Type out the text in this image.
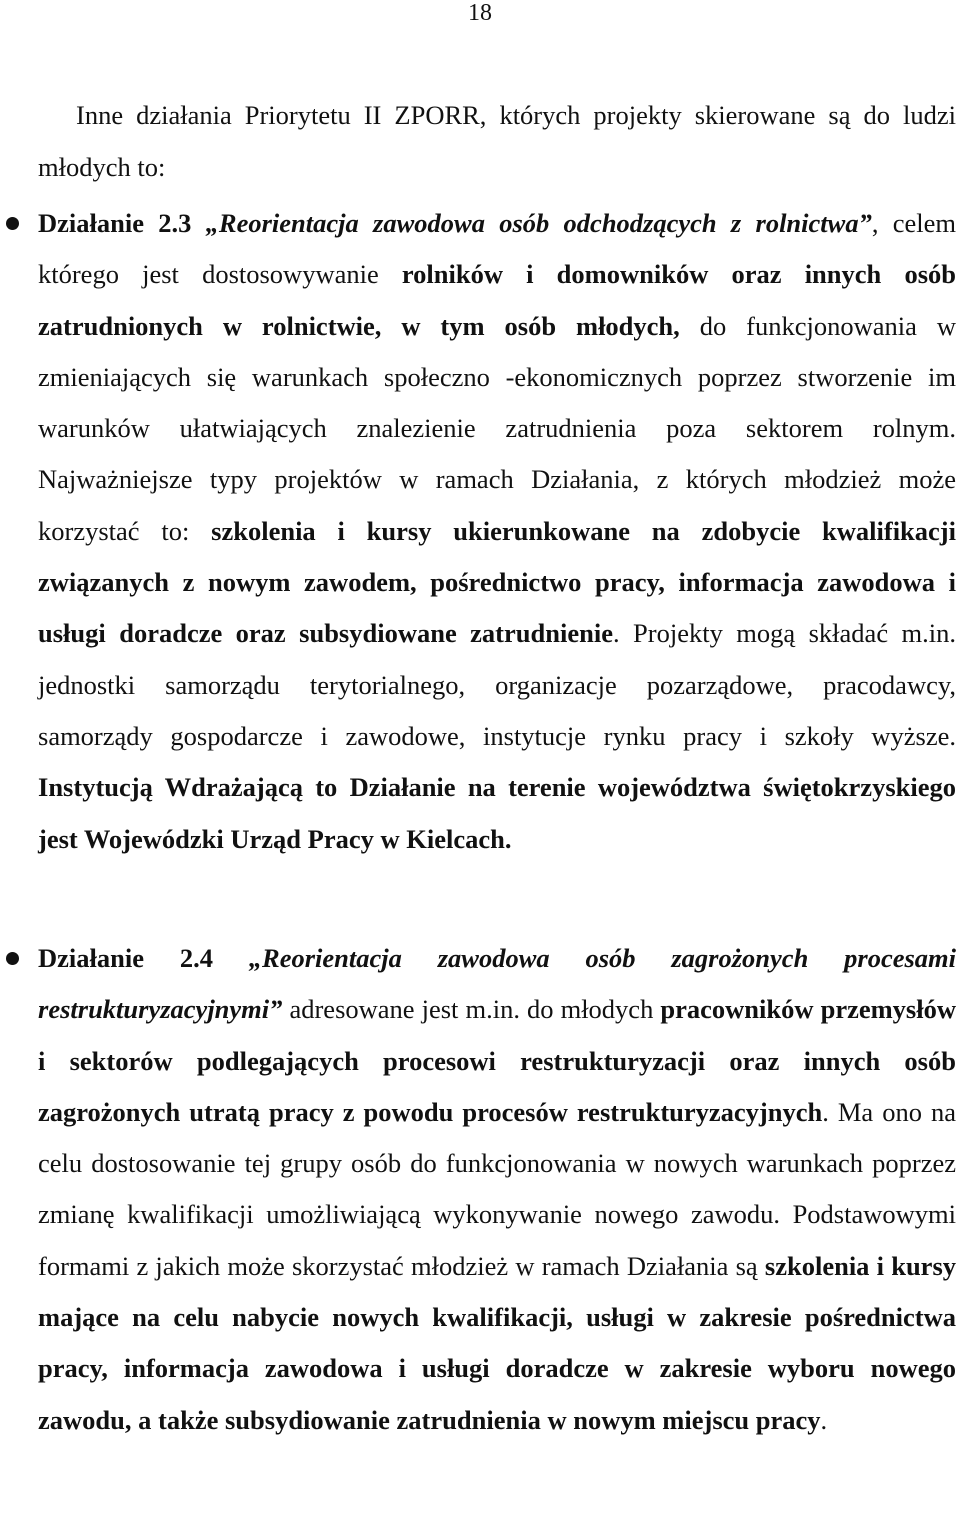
18

Inne działania Priorytetu II ZPORR, których projekty skierowane są do ludzi młodych to:

Działanie 2.3 „Reorientacja zawodowa osób odchodzących z rolnictwa”, celem którego jest dostosowywanie rolników i domowników oraz innych osób zatrudnionych w rolnictwie, w tym osób młodych, do funkcjonowania w zmieniających się warunkach społeczno -ekonomicznych poprzez stworzenie im warunków ułatwiających znalezienie zatrudnienia poza sektorem rolnym. Najważniejsze typy projektów w ramach Działania, z których młodzież może korzystać to: szkolenia i kursy ukierunkowane na zdobycie kwalifikacji związanych z nowym zawodem, pośrednictwo pracy, informacja zawodowa i usługi doradcze oraz subsydiowane zatrudnienie. Projekty mogą składać m.in. jednostki samorządu terytorialnego, organizacje pozarządowe, pracodawcy, samorządy gospodarcze i zawodowe, instytucje rynku pracy i szkoły wyższe. Instytucją Wdrażającą to Działanie na terenie województwa świętokrzyskiego jest Wojewódzki Urząd Pracy w Kielcach.

Działanie 2.4 „Reorientacja zawodowa osób zagrożonych procesami restrukturyzacyjnymi” adresowane jest m.in. do młodych pracowników przemysłów i sektorów podlegających procesowi restrukturyzacji oraz innych osób zagrożonych utratą pracy z powodu procesów restrukturyzacyjnych. Ma ono na celu dostosowanie tej grupy osób do funkcjonowania w nowych warunkach poprzez zmianę kwalifikacji umożliwiającą wykonywanie nowego zawodu. Podstawowymi formami z jakich może skorzystać młodzież w ramach Działania są szkolenia i kursy mające na celu nabycie nowych kwalifikacji, usługi w zakresie pośrednictwa pracy, informacja zawodowa i usługi doradcze w zakresie wyboru nowego zawodu, a także subsydiowanie zatrudnienia w nowym miejscu pracy.
